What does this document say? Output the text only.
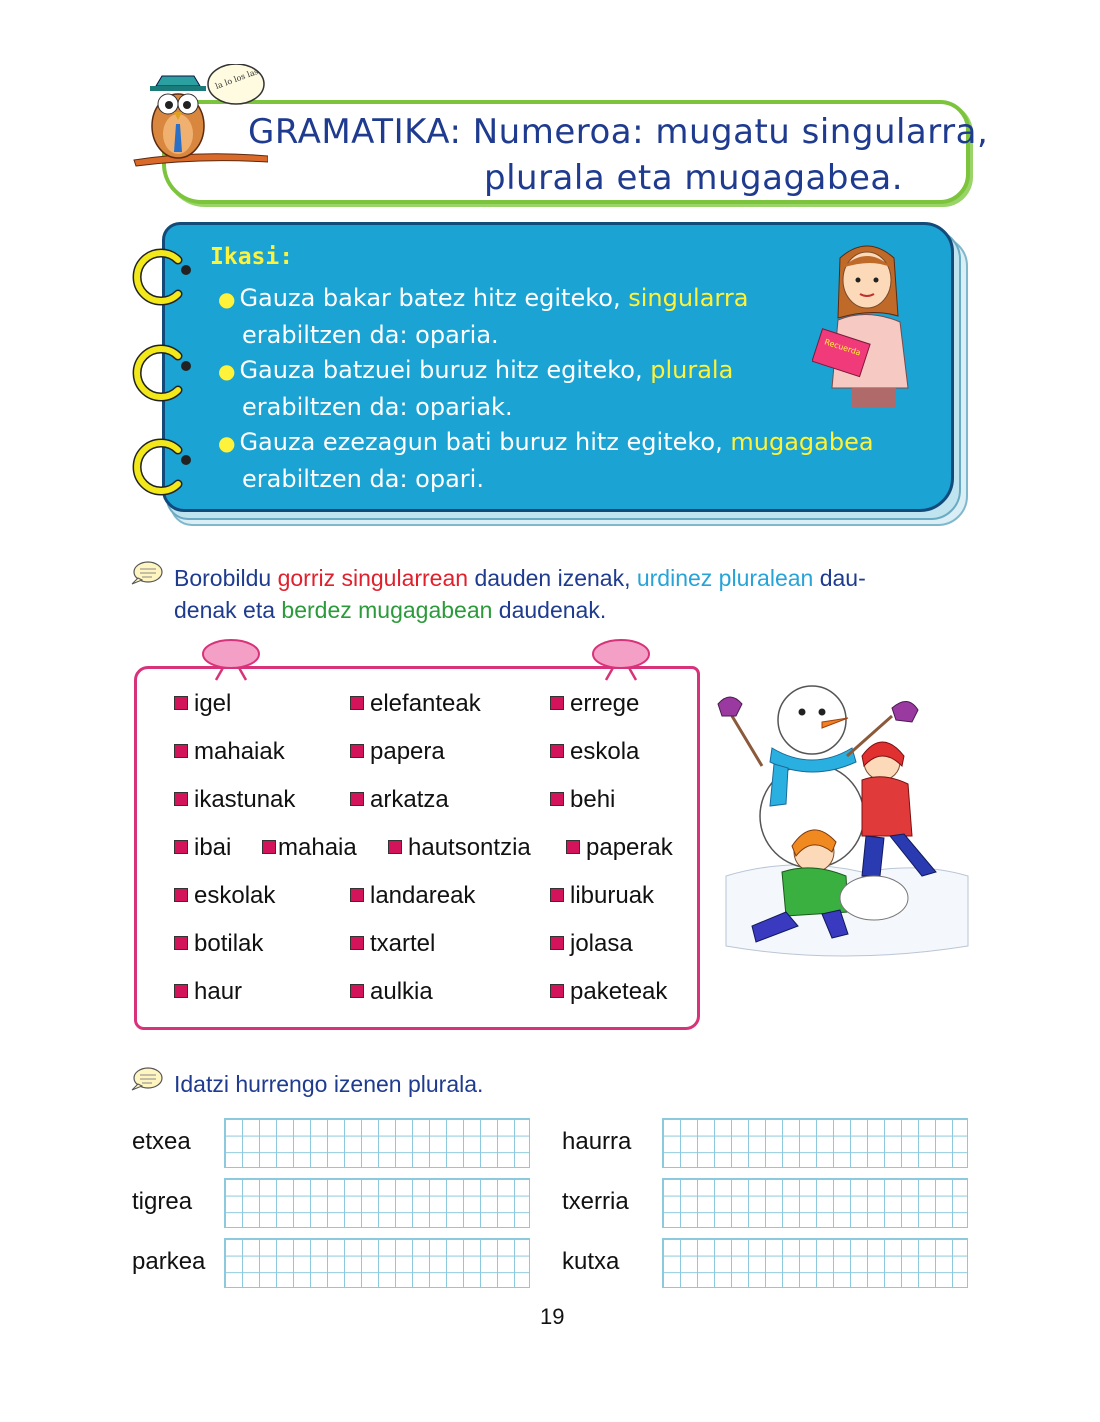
la lo los las
GRAMATIKA: Numeroa: mugatu singularra,
plurala eta mugagabea.
Ikasi:
● Gauza bakar batez hitz egiteko, singularra
erabiltzen da: oparia.
● Gauza batzuei buruz hitz egiteko, plurala
erabiltzen da: opariak.
● Gauza ezezagun bati buruz hitz egiteko, mugagabea
erabiltzen da: opari.
Recuerda
Borobildu gorriz singularrean dauden izenak, urdinez pluralean dau-
denak eta berdez mugagabean daudenak.
igel	elefanteak	errege
mahaiak	papera	eskola
ikastunak	arkatza	behi
ibai	mahaia	hautsontzia	paperak
eskolak	landareak	liburuak
botilak	txartel	jolasa
haur	aulkia	paketeak
Idatzi hurrengo izenen plurala.
etxea	haurra
tigrea	txerria
parkea	kutxa
19
